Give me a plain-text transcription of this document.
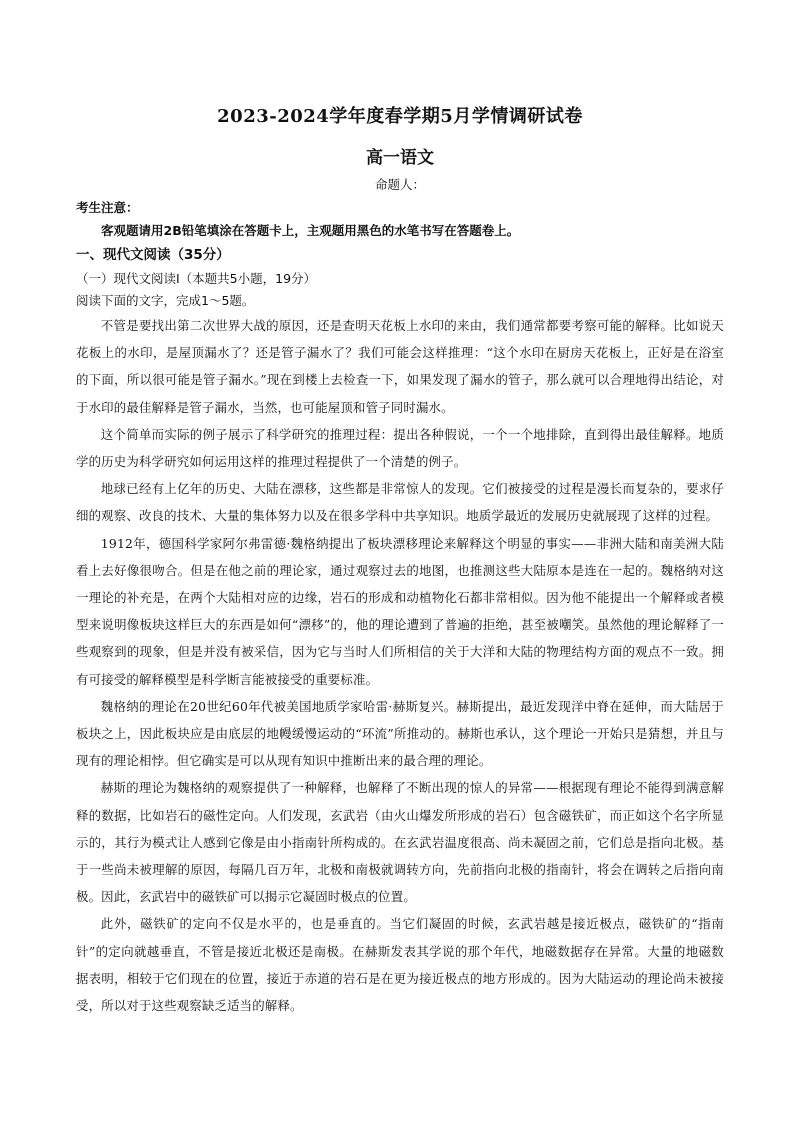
2023-2024学年度春学期5月学情调研试卷
高一语文

命题人：

考生注意：

客观题请用2B铅笔填涂在答题卡上，主观题用黑色的水笔书写在答题卷上。

一、现代文阅读（35分）

（一）现代文阅读Ⅰ（本题共5小题，19分）

阅读下面的文字，完成1～5题。

不管是要找出第二次世界大战的原因，还是查明天花板上水印的来由，我们通常都要考察可能的解释。比如说天花板上的水印，是屋顶漏水了？还是管子漏水了？我们可能会这样推理：“这个水印在厨房天花板上，正好是在浴室的下面，所以很可能是管子漏水。”现在到楼上去检查一下，如果发现了漏水的管子，那么就可以合理地得出结论，对于水印的最佳解释是管子漏水，当然，也可能屋顶和管子同时漏水。

这个简单而实际的例子展示了科学研究的推理过程：提出各种假说，一个一个地排除，直到得出最佳解释。地质学的历史为科学研究如何运用这样的推理过程提供了一个清楚的例子。

地球已经有上亿年的历史、大陆在漂移，这些都是非常惊人的发现。它们被接受的过程是漫长而复杂的，要求仔细的观察、改良的技术、大量的集体努力以及在很多学科中共享知识。地质学最近的发展历史就展现了这样的过程。

1912年，德国科学家阿尔弗雷德·魏格纳提出了板块漂移理论来解释这个明显的事实——非洲大陆和南美洲大陆看上去好像很吻合。但是在他之前的理论家，通过观察过去的地图，也推测这些大陆原本是连在一起的。魏格纳对这一理论的补充是，在两个大陆相对应的边缘，岩石的形成和动植物化石都非常相似。因为他不能提出一个解释或者模型来说明像板块这样巨大的东西是如何“漂移”的，他的理论遭到了普遍的拒绝，甚至被嘲笑。虽然他的理论解释了一些观察到的现象，但是并没有被采信，因为它与当时人们所相信的关于大洋和大陆的物理结构方面的观点不一致。拥有可接受的解释模型是科学断言能被接受的重要标准。

魏格纳的理论在20世纪60年代被美国地质学家哈雷·赫斯复兴。赫斯提出，最近发现洋中脊在延伸，而大陆居于板块之上，因此板块应是由底层的地幔缓慢运动的“环流”所推动的。赫斯也承认，这个理论一开始只是猜想，并且与现有的理论相悖。但它确实是可以从现有知识中推断出来的最合理的理论。

赫斯的理论为魏格纳的观察提供了一种解释，也解释了不断出现的惊人的异常——根据现有理论不能得到满意解释的数据，比如岩石的磁性定向。人们发现，玄武岩（由火山爆发所形成的岩石）包含磁铁矿，而正如这个名字所显示的，其行为模式让人感到它像是由小指南针所构成的。在玄武岩温度很高、尚未凝固之前，它们总是指向北极。基于一些尚未被理解的原因，每隔几百万年，北极和南极就调转方向，先前指向北极的指南针，将会在调转之后指向南极。因此，玄武岩中的磁铁矿可以揭示它凝固时极点的位置。

此外，磁铁矿的定向不仅是水平的，也是垂直的。当它们凝固的时候，玄武岩越是接近极点，磁铁矿的“指南针”的定向就越垂直，不管是接近北极还是南极。在赫斯发表其学说的那个年代，地磁数据存在异常。大量的地磁数据表明，相较于它们现在的位置，接近于赤道的岩石是在更为接近极点的地方形成的。因为大陆运动的理论尚未被接受，所以对于这些观察缺乏适当的解释。
